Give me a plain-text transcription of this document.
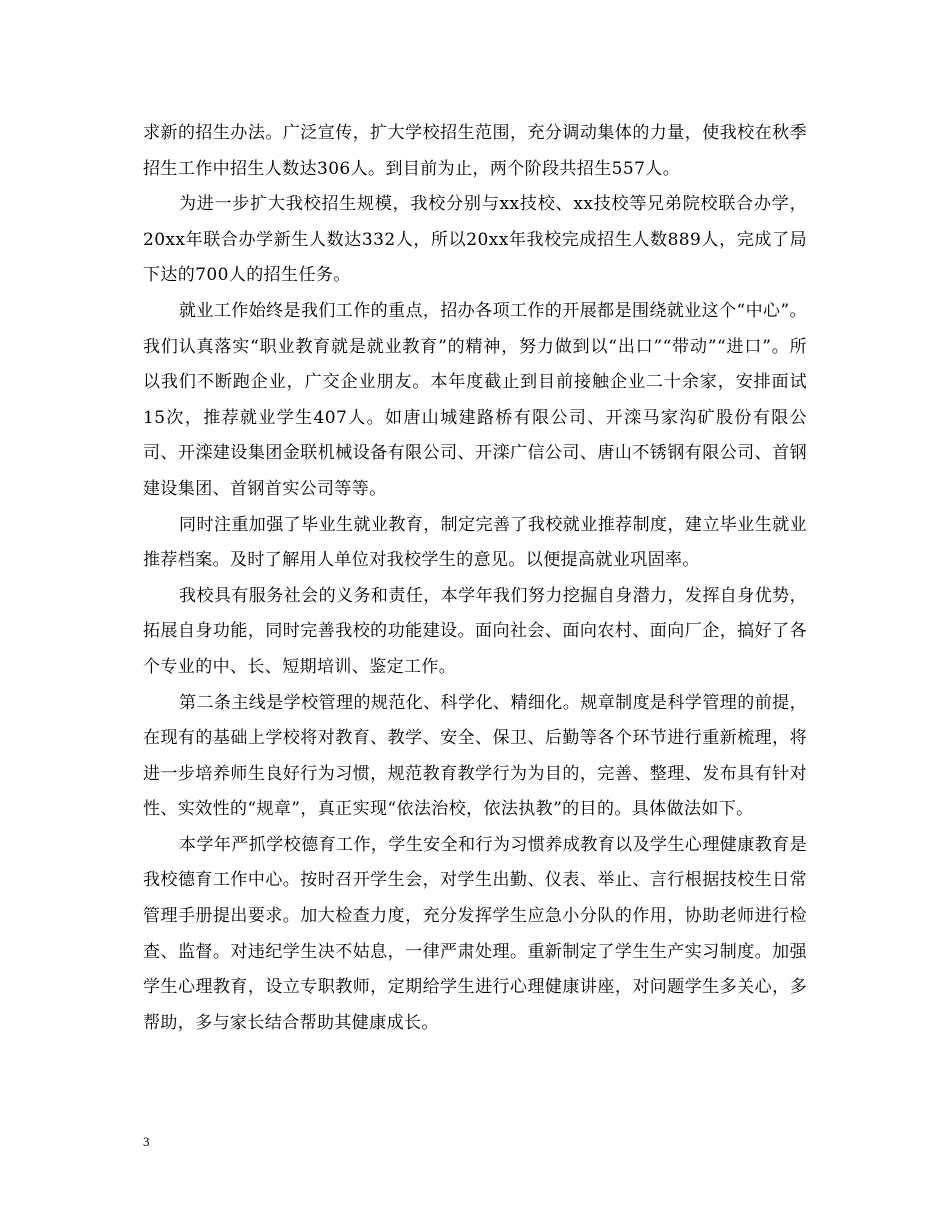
求新的招生办法。广泛宣传，扩大学校招生范围，充分调动集体的力量，使我校在秋季招生工作中招生人数达306人。到目前为止，两个阶段共招生557人。

为进一步扩大我校招生规模，我校分别与xx技校、xx技校等兄弟院校联合办学，20xx年联合办学新生人数达332人，所以20xx年我校完成招生人数889人，完成了局下达的700人的招生任务。

就业工作始终是我们工作的重点，招办各项工作的开展都是围绕就业这个“中心”。我们认真落实“职业教育就是就业教育”的精神，努力做到以“出口”“带动”“进口”。所以我们不断跑企业，广交企业朋友。本年度截止到目前接触企业二十余家，安排面试15次，推荐就业学生407人。如唐山城建路桥有限公司、开滦马家沟矿股份有限公司、开滦建设集团金联机械设备有限公司、开滦广信公司、唐山不锈钢有限公司、首钢建设集团、首钢首实公司等等。

同时注重加强了毕业生就业教育，制定完善了我校就业推荐制度，建立毕业生就业推荐档案。及时了解用人单位对我校学生的意见。以便提高就业巩固率。

我校具有服务社会的义务和责任，本学年我们努力挖掘自身潜力，发挥自身优势，拓展自身功能，同时完善我校的功能建设。面向社会、面向农村、面向厂企，搞好了各个专业的中、长、短期培训、鉴定工作。

第二条主线是学校管理的规范化、科学化、精细化。规章制度是科学管理的前提，在现有的基础上学校将对教育、教学、安全、保卫、后勤等各个环节进行重新梳理，将进一步培养师生良好行为习惯，规范教育教学行为为目的，完善、整理、发布具有针对性、实效性的“规章”，真正实现“依法治校，依法执教”的目的。具体做法如下。

本学年严抓学校德育工作，学生安全和行为习惯养成教育以及学生心理健康教育是我校德育工作中心。按时召开学生会，对学生出勤、仪表、举止、言行根据技校生日常管理手册提出要求。加大检查力度，充分发挥学生应急小分队的作用，协助老师进行检查、监督。对违纪学生决不姑息，一律严肃处理。重新制定了学生生产实习制度。加强学生心理教育，设立专职教师，定期给学生进行心理健康讲座，对问题学生多关心，多帮助，多与家长结合帮助其健康成长。

3
